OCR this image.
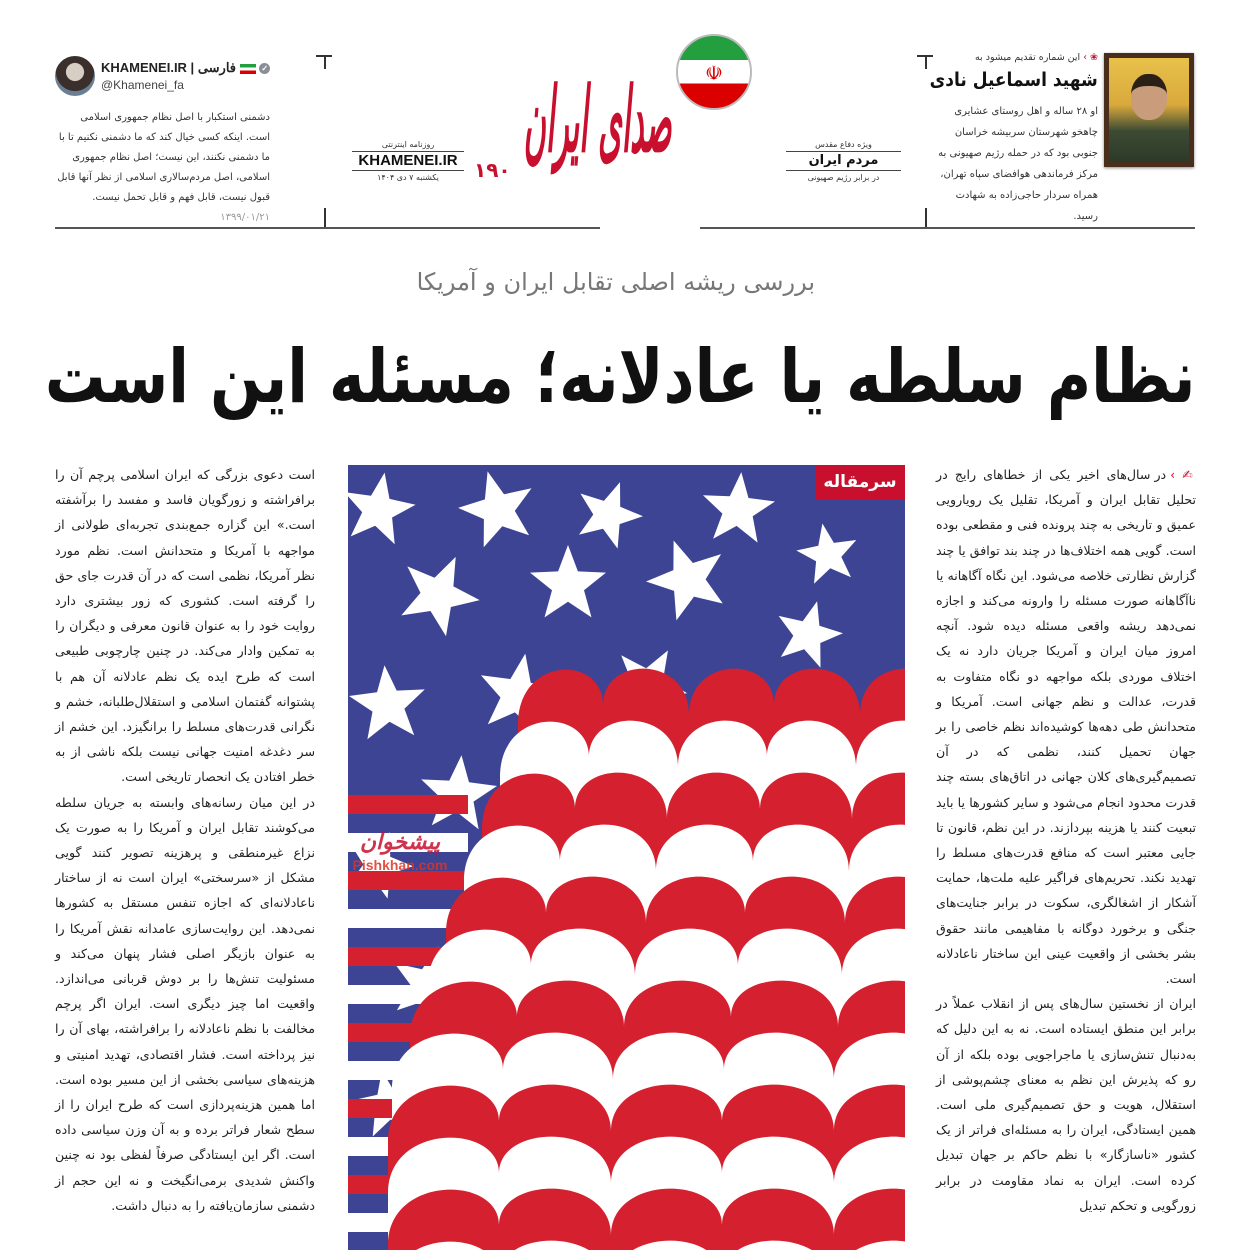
KHAMENEI.IR | فارسی	✓
@Khamenei_fa
دشمنی استکبار با اصل نظام جمهوری اسلامی است. اینکه کسی خیال کند که ما دشمنی نکنیم تا با ما دشمنی نکنند، این نیست؛ اصل نظام جمهوری اسلامی، اصل مردم‌سالاری اسلامی از نظر آنها قابل قبول نیست، قابل فهم و قابل تحمل نیست. ۱۳۹۹/۰۱/۲۱
روزنامه اینترنتی
KHAMENEI.IR
یکشنبه ۷ دی ۱۴۰۴
صدای ایران	☫
۱۹۰
ویژه دفاع مقدس
مردم ایران
در برابر رژیم صهیونی
❀ › این شماره تقدیم میشود به
شهید اسماعیل نادی
او ۲۸ ساله و اهل روستای عشایری چاهخو شهرستان سربیشه خراسان جنوبی بود که در حمله رژیم صهیونی به مرکز فرماندهی هوافضای سپاه تهران، همراه سردار حاجی‌زاده به شهادت رسید.
بررسی ریشه اصلی تقابل ایران و آمریکا
نظام سلطه یا عادلانه؛ مسئله این است

✍ ›در سال‌های اخیر یکی از خطاهای رایج در تحلیل تقابل ایران و آمریکا، تقلیل یک رویارویی عمیق و تاریخی به چند پرونده فنی و مقطعی بوده است. گویی همه اختلاف‌ها در چند بند توافق یا چند گزارش نظارتی خلاصه می‌شود. این نگاه آگاهانه یا ناآگاهانه صورت مسئله را وارونه می‌کند و اجازه نمی‌دهد ریشه واقعی مسئله دیده شود. آنچه امروز میان ایران و آمریکا جریان دارد نه یک اختلاف موردی بلکه مواجهه دو نگاه متفاوت به قدرت، عدالت و نظم جهانی است. آمریکا و متحدانش طی دهه‌ها کوشیده‌اند نظم خاصی را بر جهان تحمیل کنند، نظمی که در آن تصمیم‌گیری‌های کلان جهانی در اتاق‌های بسته چند قدرت محدود انجام می‌شود و سایر کشورها یا باید تبعیت کنند یا هزینه بپردازند. در این نظم، قانون تا جایی معتبر است که منافع قدرت‌های مسلط را تهدید نکند. تحریم‌های فراگیر علیه ملت‌ها، حمایت آشکار از اشغالگری، سکوت در برابر جنایت‌های جنگی و برخورد دوگانه با مفاهیمی مانند حقوق بشر بخشی از واقعیت عینی این ساختار ناعادلانه است.

ایران از نخستین سال‌های پس از انقلاب عملاً در برابر این منطق ایستاده است. نه به این دلیل که به‌دنبال تنش‌سازی یا ماجراجویی بوده بلکه از آن رو که پذیرش این نظم به معنای چشم‌پوشی از استقلال، هویت و حق تصمیم‌گیری ملی است. همین ایستادگی، ایران را به مسئله‌ای فراتر از یک کشور «ناسازگار» با نظم حاکم بر جهان تبدیل کرده است. ایران به نماد مقاومت در برابر زورگویی و تحکم تبدیل

است دعوی بزرگی که ایران اسلامی پرچم آن را برافراشته و زورگویان فاسد و مفسد را برآشفته است.» این گزاره جمع‌بندی تجربه‌ای طولانی از مواجهه با آمریکا و متحدانش است. نظم مورد نظر آمریکا، نظمی است که در آن قدرت جای حق را گرفته است. کشوری که زور بیشتری دارد روایت خود را به عنوان قانون معرفی و دیگران را به تمکین وادار می‌کند. در چنین چارچوبی طبیعی است که طرح ایده یک نظم عادلانه آن هم با پشتوانه گفتمان اسلامی و استقلال‌طلبانه، خشم و نگرانی قدرت‌های مسلط را برانگیزد. این خشم از سر دغدغه امنیت جهانی نیست بلکه ناشی از به خطر افتادن یک انحصار تاریخی است.

در این میان رسانه‌های وابسته به جریان سلطه می‌کوشند تقابل ایران و آمریکا را به صورت یک نزاع غیرمنطقی و پرهزینه تصویر کنند گویی مشکل از «سرسختی» ایران است نه از ساختار ناعادلانه‌ای که اجازه تنفس مستقل به کشورها نمی‌دهد. این روایت‌سازی عامدانه نقش آمریکا را به عنوان بازیگر اصلی فشار پنهان می‌کند و مسئولیت تنش‌ها را بر دوش قربانی می‌اندازد. واقعیت اما چیز دیگری است. ایران اگر پرچم مخالفت با نظم ناعادلانه را برافراشته، بهای آن را نیز پرداخته است. فشار اقتصادی، تهدید امنیتی و هزینه‌های سیاسی بخشی از این مسیر بوده است. اما همین هزینه‌پردازی است که طرح ایران را از سطح شعار فراتر برده و به آن وزن سیاسی داده است. اگر این ایستادگی صرفاً لفظی بود نه چنین واکنش شدیدی برمی‌انگیخت و نه این حجم از دشمنی سازمان‌یافته را به دنبال داشت.

سرمقاله
پیشخوان
Pishkhan.com
